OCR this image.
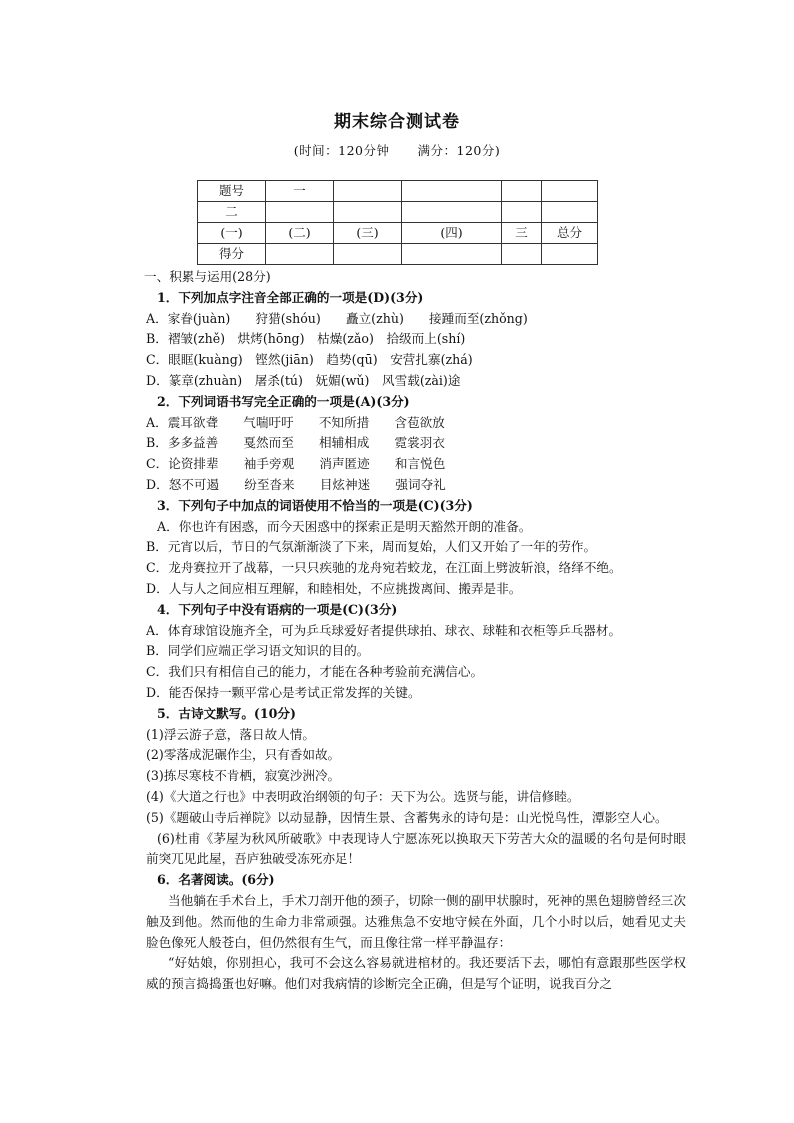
期末综合测试卷
(时间：120分钟 满分：120分)
题号	一				
二					
(一)	(二)	(三)	(四)	三	总分
得分					
一、积累与运用(28分)
1．下列加点字注音全部正确的一项是(D)(3分)
A．家眷(juàn)　　狩猎(shóu)　　矗立(zhù)　　接踵而至(zhǒng)
B．褶皱(zhě)　烘烤(hōng)　枯燥(zǎo)　拾级而上(shí)
C．眼眶(kuàng)　铿然(jiān)　趋势(qū)　安营扎寨(zhá)
D．篆章(zhuàn)　屠杀(tú)　妩媚(wǔ)　风雪载(zài)途
2．下列词语书写完全正确的一项是(A)(3分)
A．震耳欲聋　　气喘吁吁　　不知所措　　含苞欲放
B．多多益善　　戛然而至　　相辅相成　　霓裳羽衣
C．论资排辈　　袖手旁观　　消声匿迹　　和言悦色
D．怒不可遏　　纷至沓来　　目炫神迷　　强词夺礼
3．下列句子中加点的词语使用不恰当的一项是(C)(3分)
A．你也许有困惑，而今天困惑中的探索正是明天豁然开朗的准备。
B．元宵以后，节日的气氛渐渐淡了下来，周而复始，人们又开始了一年的劳作。
C．龙舟赛拉开了战幕，一只只疾驰的龙舟宛若蛟龙，在江面上劈波斩浪，络绎不绝。
D．人与人之间应相互理解，和睦相处，不应挑拨离间、搬弄是非。
4．下列句子中没有语病的一项是(C)(3分)
A．体育球馆设施齐全，可为乒乓球爱好者提供球拍、球衣、球鞋和衣柜等乒乓器材。
B．同学们应端正学习语文知识的目的。
C．我们只有相信自己的能力，才能在各种考验前充满信心。
D．能否保持一颗平常心是考试正常发挥的关键。
5．古诗文默写。(10分)
(1)浮云游子意，落日故人情。
(2)零落成泥碾作尘，只有香如故。
(3)拣尽寒枝不肯栖，寂寞沙洲冷。
(4)《大道之行也》中表明政治纲领的句子：天下为公。选贤与能，讲信修睦。
(5)《题破山寺后禅院》以动显静，因情生景、含蓄隽永的诗句是：山光悦鸟性，潭影空人心。
(6)杜甫《茅屋为秋风所破歌》中表现诗人宁愿冻死以换取天下劳苦大众的温暖的名句是何时眼前突兀见此屋，吾庐独破受冻死亦足！
6．名著阅读。(6分)
当他躺在手术台上，手术刀剖开他的颈子，切除一侧的副甲状腺时，死神的黑色翅膀曾经三次触及到他。然而他的生命力非常顽强。达雅焦急不安地守候在外面，几个小时以后，她看见丈夫脸色像死人般苍白，但仍然很有生气，而且像往常一样平静温存：
“好姑娘，你别担心，我可不会这么容易就进棺材的。我还要活下去，哪怕有意跟那些医学权威的预言捣捣蛋也好嘛。他们对我病情的诊断完全正确，但是写个证明，说我百分之
